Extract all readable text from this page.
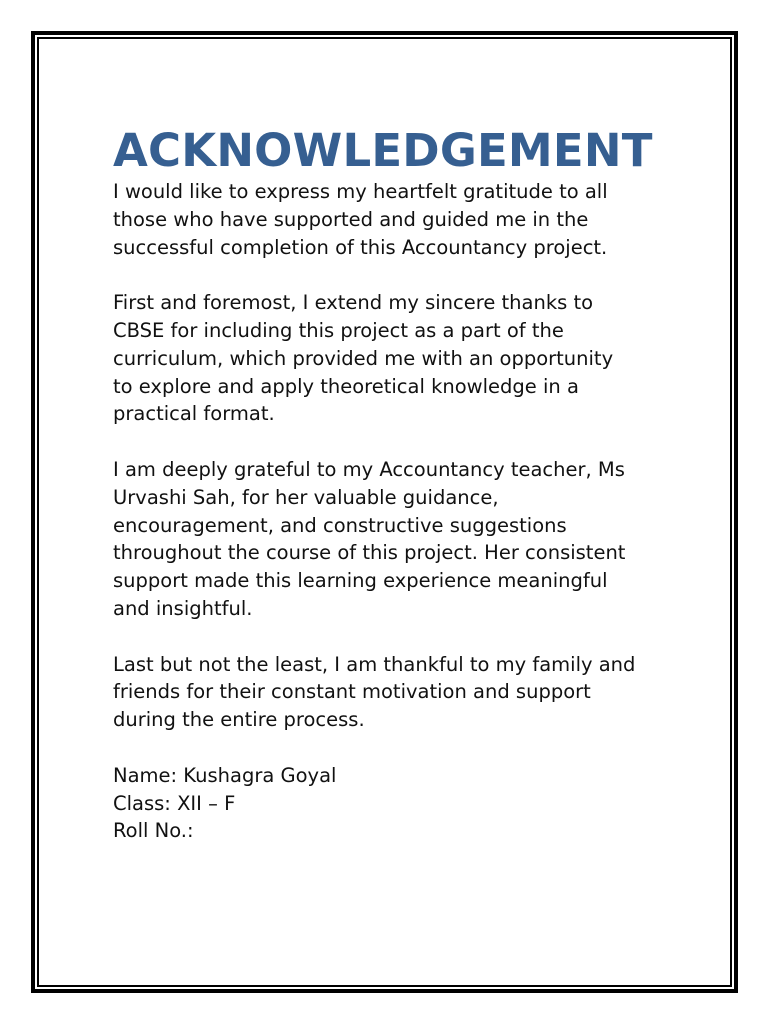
ACKNOWLEDGEMENT

I would like to express my heartfelt gratitude to all
those who have supported and guided me in the
successful completion of this Accountancy project.

First and foremost, I extend my sincere thanks to
CBSE for including this project as a part of the
curriculum, which provided me with an opportunity
to explore and apply theoretical knowledge in a
practical format.

I am deeply grateful to my Accountancy teacher, Ms
Urvashi Sah, for her valuable guidance,
encouragement, and constructive suggestions
throughout the course of this project. Her consistent
support made this learning experience meaningful
and insightful.

Last but not the least, I am thankful to my family and
friends for their constant motivation and support
during the entire process.

Name: Kushagra Goyal
Class: XII – F
Roll No.:
